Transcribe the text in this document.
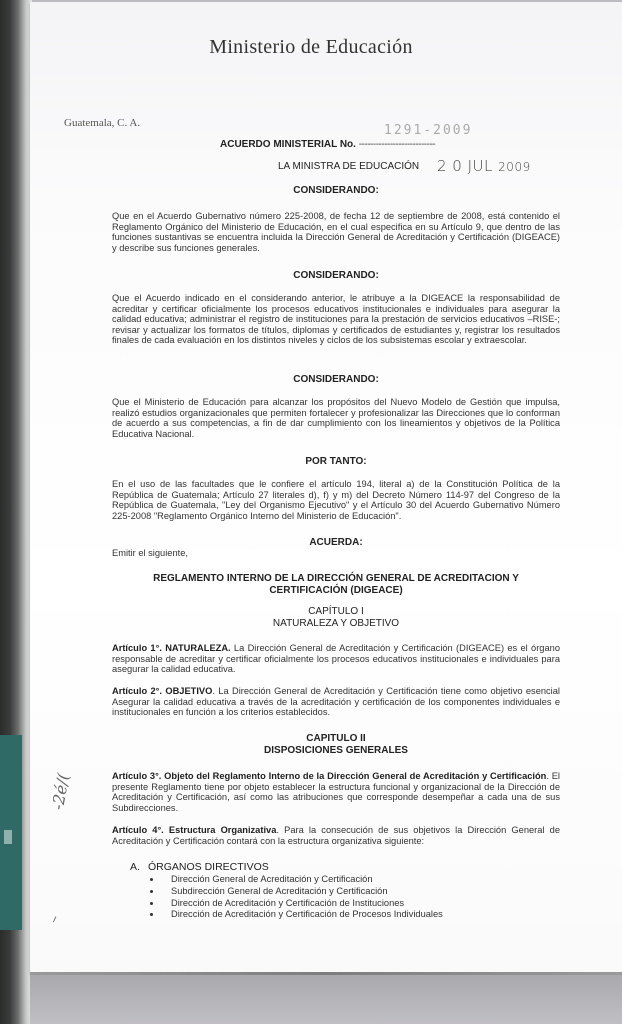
Ministerio de Educación
Guatemala, C. A.
ACUERDO MINISTERIAL No. ---------------------------
1291-2009
LA MINISTRA DE EDUCACIÓN 2 0 JUL 2009
CONSIDERANDO:
Que en el Acuerdo Gubernativo número 225-2008, de fecha 12 de septiembre de 2008, está contenido el Reglamento Orgánico del Ministerio de Educación, en el cual especifica en su Artículo 9, que dentro de las funciones sustantivas se encuentra incluida la Dirección General de Acreditación y Certificación (DIGEACE) y describe sus funciones generales.
CONSIDERANDO:
Que el Acuerdo indicado en el considerando anterior, le atribuye a la DIGEACE la responsabilidad de acreditar y certificar oficialmente los procesos educativos institucionales e individuales para asegurar la calidad educativa; administrar el registro de instituciones para la prestación de servicios educativos –RISE-; revisar y actualizar los formatos de títulos, diplomas y certificados de estudiantes y, registrar los resultados finales de cada evaluación en los distintos niveles y ciclos de los subsistemas escolar y extraescolar.
CONSIDERANDO:
Que el Ministerio de Educación para alcanzar los propósitos del Nuevo Modelo de Gestión que impulsa, realizó estudios organizacionales que permiten fortalecer y profesionalizar las Direcciones que lo conforman de acuerdo a sus competencias, a fin de dar cumplimiento con los lineamientos y objetivos de la Política Educativa Nacional.
POR TANTO:
En el uso de las facultades que le confiere el artículo 194, literal a) de la Constitución Política de la República de Guatemala; Artículo 27 literales d), f) y m) del Decreto Número 114-97 del Congreso de la República de Guatemala, "Ley del Organismo Ejecutivo" y el Artículo 30 del Acuerdo Gubernativo Número 225-2008 "Reglamento Orgánico Interno del Ministerio de Educación".
ACUERDA:
Emitir el siguiente,
REGLAMENTO INTERNO DE LA DIRECCIÓN GENERAL DE ACREDITACION Y
CERTIFICACIÓN (DIGEACE)
CAPÍTULO I
NATURALEZA Y OBJETIVO
Artículo 1°. NATURALEZA. La Dirección General de Acreditación y Certificación (DIGEACE) es el órgano responsable de acreditar y certificar oficialmente los procesos educativos institucionales e individuales para asegurar la calidad educativa.
Artículo 2°. OBJETIVO. La Dirección General de Acreditación y Certificación tiene como objetivo esencial Asegurar la calidad educativa a través de la acreditación y certificación de los componentes individuales e institucionales en función a los criterios establecidos.
CAPITULO II
DISPOSICIONES GENERALES
Artículo 3°. Objeto del Reglamento Interno de la Dirección General de Acreditación y Certificación. El presente Reglamento tiene por objeto establecer la estructura funcional y organizacional de la Dirección de Acreditación y Certificación, así como las atribuciones que corresponde desempeñar a cada una de sus Subdirecciones.
Artículo 4°. Estructura Organizativa. Para la consecución de sus objetivos la Dirección General de Acreditación y Certificación contará con la estructura organizativa siguiente:
A. ÓRGANOS DIRECTIVOS
Dirección General de Acreditación y Certificación
Subdirección General de Acreditación y Certificación
Dirección de Acreditación y Certificación de Instituciones
Dirección de Acreditación y Certificación de Procesos Individuales
-2é/(
